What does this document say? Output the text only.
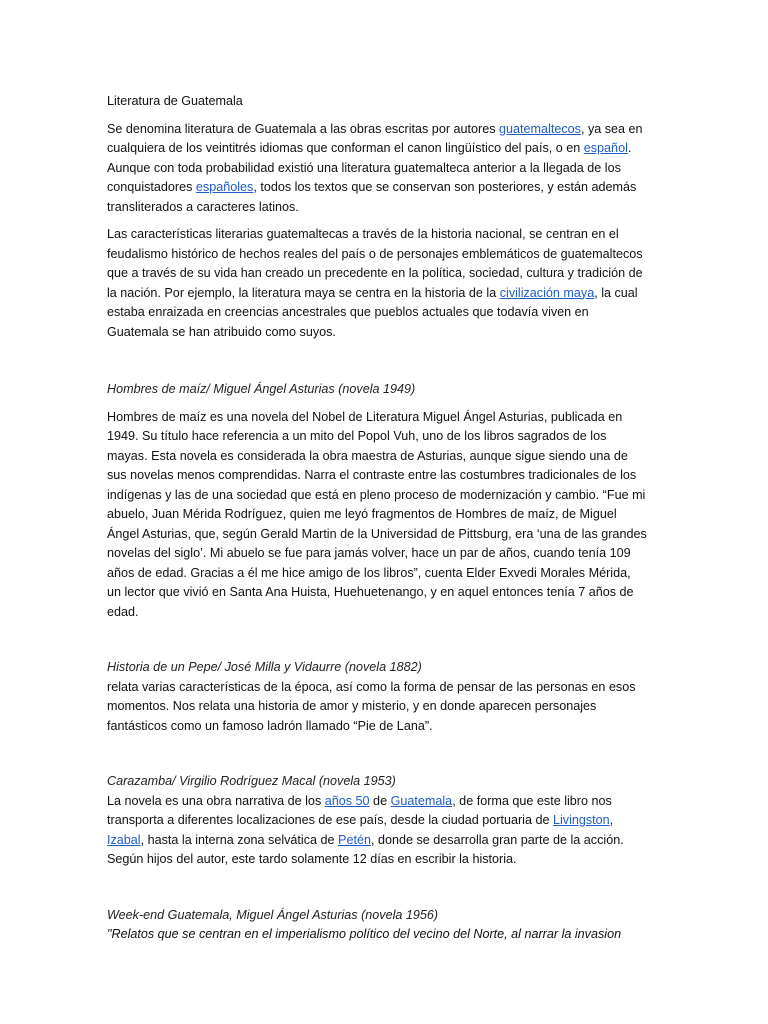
Literatura de Guatemala

Se denomina literatura de Guatemala a las obras escritas por autores guatemaltecos, ya sea en cualquiera de los veintitrés idiomas que conforman el canon lingüístico del país, o en español. Aunque con toda probabilidad existió una literatura guatemalteca anterior a la llegada de los conquistadores españoles, todos los textos que se conservan son posteriores, y están además transliterados a caracteres latinos.

Las características literarias guatemaltecas a través de la historia nacional, se centran en el feudalismo histórico de hechos reales del país o de personajes emblemáticos de guatemaltecos que a través de su vida han creado un precedente en la política, sociedad, cultura y tradición de la nación. Por ejemplo, la literatura maya se centra en la historia de la civilización maya, la cual estaba enraizada en creencias ancestrales que pueblos actuales que todavía viven en Guatemala se han atribuido como suyos.

Hombres de maíz/ Miguel Ángel Asturias (novela 1949)

Hombres de maíz es una novela del Nobel de Literatura Miguel Ángel Asturias, publicada en 1949. Su título hace referencia a un mito del Popol Vuh, uno de los libros sagrados de los mayas. Esta novela es considerada la obra maestra de Asturias, aunque sigue siendo una de sus novelas menos comprendidas. Narra el contraste entre las costumbres tradicionales de los indígenas y las de una sociedad que está en pleno proceso de modernización y cambio. “Fue mi abuelo, Juan Mérida Rodríguez, quien me leyó fragmentos de Hombres de maíz, de Miguel Ángel Asturias, que, según Gerald Martin de la Universidad de Pittsburg, era ‘una de las grandes novelas del siglo’. Mi abuelo se fue para jamás volver, hace un par de años, cuando tenía 109 años de edad. Gracias a él me hice amigo de los libros”, cuenta Elder Exvedi Morales Mérida, un lector que vivió en Santa Ana Huista, Huehuetenango, y en aquel entonces tenía 7 años de edad.

Historia de un Pepe/ José Milla y Vidaurre (novela 1882)

relata varias características de la época, así como la forma de pensar de las personas en esos momentos. Nos relata una historia de amor y misterio, y en donde aparecen personajes fantásticos como un famoso ladrón llamado “Pie de Lana”.

Carazamba/ Virgilio Rodríguez Macal (novela 1953)

La novela es una obra narrativa de los años 50 de Guatemala, de forma que este libro nos transporta a diferentes localizaciones de ese país, desde la ciudad portuaria de Livingston, Izabal, hasta la interna zona selvática de Petén, donde se desarrolla gran parte de la acción. Según hijos del autor, este tardo solamente 12 días en escribir la historia.

Week-end Guatemala, Miguel Ángel Asturias (novela 1956)

"Relatos que se centran en el imperialismo político del vecino del Norte, al narrar la invasion
